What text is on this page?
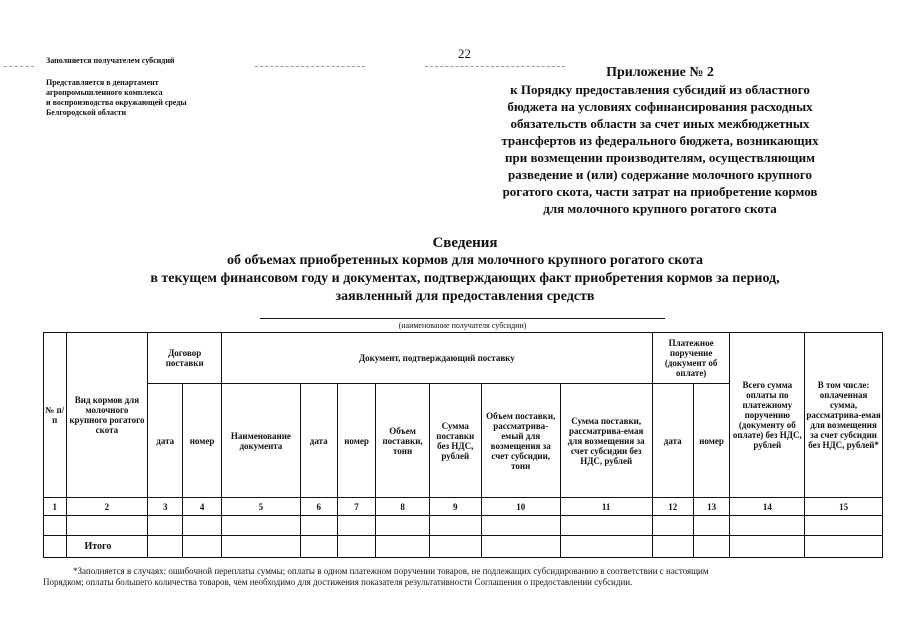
22
Заполняется получателем субсидий
Представляется в департамент
агропромышленного комплекса
и воспроизводства окружающей среды
Белгородской области
Приложение № 2
к Порядку предоставления субсидий из областного
бюджета на условиях софинансирования расходных
обязательств области за счет иных межбюджетных
трансфертов из федерального бюджета, возникающих
при возмещении производителям, осуществляющим
разведение и (или) содержание молочного крупного
рогатого скота, части затрат на приобретение кормов
для молочного крупного рогатого скота
Сведения
об объемах приобретенных кормов для молочного крупного рогатого скота
в текущем финансовом году и документах, подтверждающих факт приобретения кормов за период,
заявленный для предоставления средств
(наименование получателя субсидии)
№ п/п	Вид кормов для молочного крупного рогатого скота	Договор поставки		Документ, подтверждающий поставку							Платежное поручение (документ об оплате)		Всего сумма оплаты по платежному поручению (документу об оплате) без НДС, рублей	В том числе: оплаченная сумма, рассматрива-емая для возмещения за счет субсидии без НДС, рублей*
		дата	номер	Наименование документа	дата	номер	Объем поставки, тонн	Сумма поставки без НДС, рублей	Объем поставки, рассматрива-емый для возмещения за счет субсидии, тонн	Сумма поставки, рассматрива-емая для возмещения за счет субсидии без НДС, рублей	дата	номер		
1	2	3	4	5	6	7	8	9	10	11	12	13	14	15

	Итого													
*Заполняется в случаях: ошибочной переплаты суммы; оплаты в одном платежном поручении товаров, не подлежащих субсидированию в соответствии с настоящим
Порядком; оплаты большего количества товаров, чем необходимо для достижения показателя результативности Соглашения о предоставлении субсидии.
